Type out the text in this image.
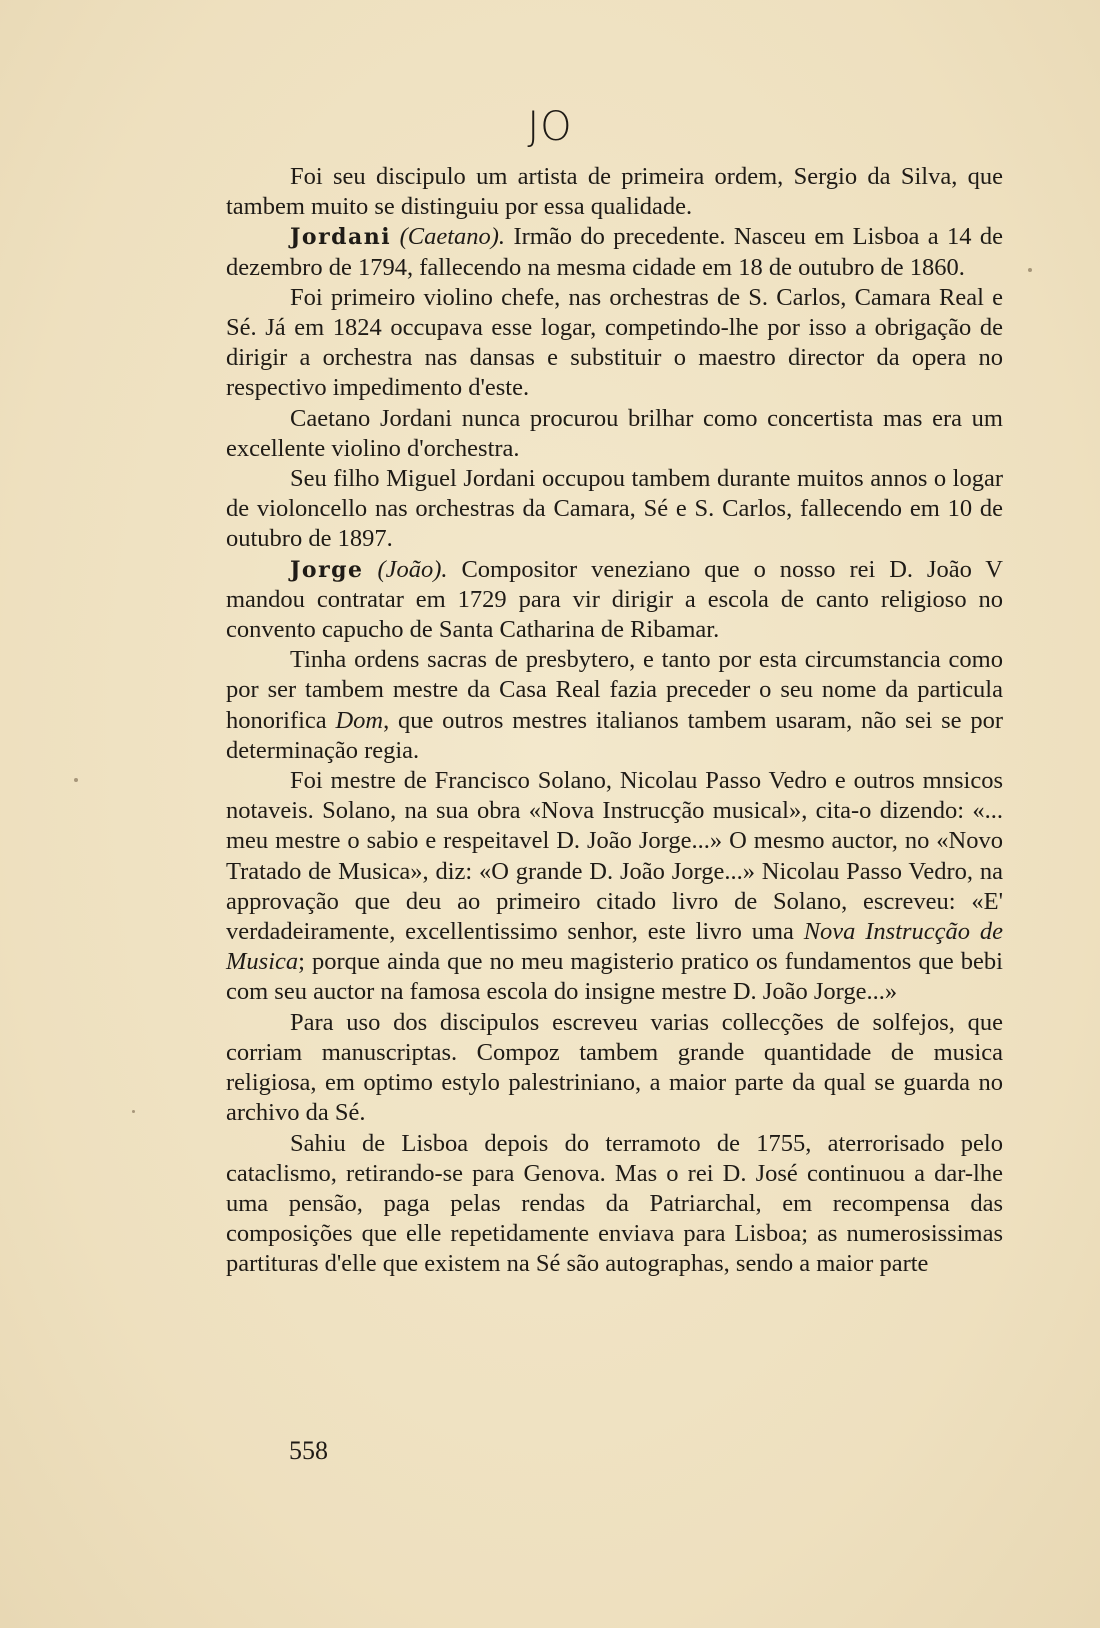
JO

Foi seu discipulo um artista de primeira ordem, Sergio da Silva, que tambem muito se distinguiu por essa qualidade.

Jordani (Caetano). Irmão do precedente. Nasceu em Lisboa a 14 de dezembro de 1794, fallecendo na mesma cidade em 18 de outubro de 1860.

Foi primeiro violino chefe, nas orchestras de S. Carlos, Camara Real e Sé. Já em 1824 occupava esse logar, competindo-lhe por isso a obrigação de dirigir a orchestra nas dansas e substituir o maestro director da opera no respectivo impedimento d'este.

Caetano Jordani nunca procurou brilhar como concertista mas era um excellente violino d'orchestra.

Seu filho Miguel Jordani occupou tambem durante muitos annos o logar de violoncello nas orchestras da Camara, Sé e S. Carlos, fallecendo em 10 de outubro de 1897.

Jorge (João). Compositor veneziano que o nosso rei D. João V mandou contratar em 1729 para vir dirigir a escola de canto religioso no convento capucho de Santa Catharina de Ribamar.

Tinha ordens sacras de presbytero, e tanto por esta circumstancia como por ser tambem mestre da Casa Real fazia preceder o seu nome da particula honorifica Dom, que outros mestres italianos tambem usaram, não sei se por determinação regia.

Foi mestre de Francisco Solano, Nicolau Passo Vedro e outros mnsicos notaveis. Solano, na sua obra «Nova Instrucção musical», cita-o dizendo: «... meu mestre o sabio e respeitavel D. João Jorge...» O mesmo auctor, no «Novo Tratado de Musica», diz: «O grande D. João Jorge...» Nicolau Passo Vedro, na approvação que deu ao primeiro citado livro de Solano, escreveu: «E' verdadeiramente, excellentissimo senhor, este livro uma Nova Instrucção de Musica; porque ainda que no meu magisterio pratico os fundamentos que bebi com seu auctor na famosa escola do insigne mestre D. João Jorge...»

Para uso dos discipulos escreveu varias collecções de solfejos, que corriam manuscriptas. Compoz tambem grande quantidade de musica religiosa, em optimo estylo palestriniano, a maior parte da qual se guarda no archivo da Sé.

Sahiu de Lisboa depois do terramoto de 1755, aterrorisado pelo cataclismo, retirando-se para Genova. Mas o rei D. José continuou a dar-lhe uma pensão, paga pelas rendas da Patriarchal, em recompensa das composições que elle repetidamente enviava para Lisboa; as numerosissimas partituras d'elle que existem na Sé são autographas, sendo a maior parte

558
